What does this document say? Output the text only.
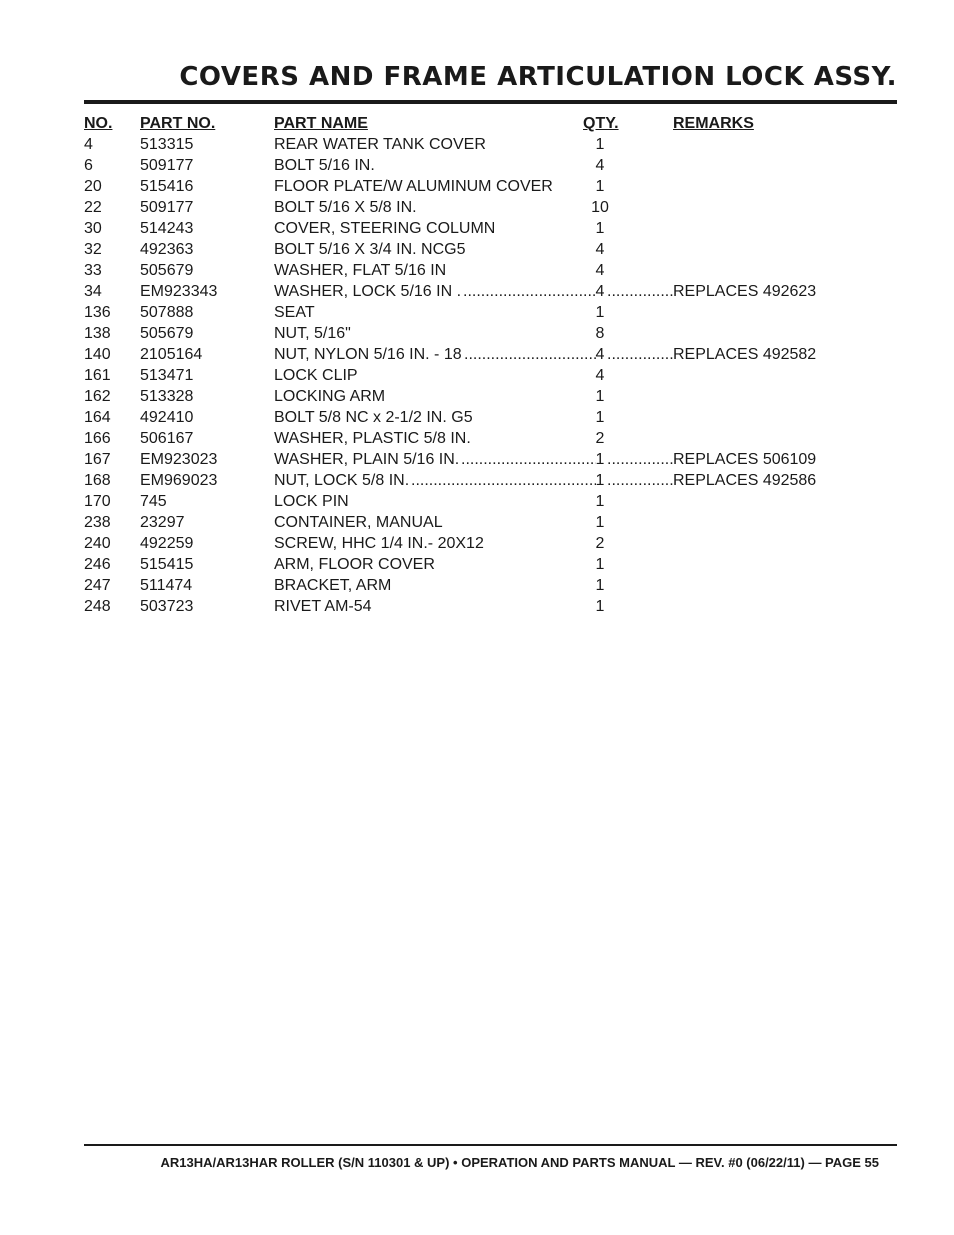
COVERS AND FRAME ARTICULATION LOCK ASSY.
NO. PART NO.	PART NAME	QTY.	REMARKS
4	513315	REAR WATER TANK COVER	1
6	509177	BOLT 5/16 IN.	4
20 515416	FLOOR PLATE/W ALUMINUM COVER	1
22 509177	BOLT 5/16 X 5/8 IN.	10
30 514243	COVER, STEERING COLUMN	1
32 492363	BOLT 5/16 X 3/4 IN. NCG5	4
33 505679	WASHER, FLAT 5/16 IN	4
34 EM923343	WASHER, LOCK 5/16 IN .	4	REPLACES 492623
.....
.....
136 507888	SEAT	1
138 505679	NUT, 5/16"	8
140 2105164	NUT, NYLON 5/16 IN. - 18	4	REPLACES 492582
.....
.....
161 513471	LOCK CLIP	4
162 513328	LOCKING ARM	1
164 492410	BOLT 5/8 NC x 2-1/2 IN. G5	1
166 506167	WASHER, PLASTIC 5/8 IN.	2
167 EM923023	WASHER, PLAIN 5/16 IN.	1	REPLACES 506109
.....
.....
168 EM969023	NUT, LOCK 5/8 IN.	1	REPLACES 492586
.....
.....
170 745	LOCK PIN	1
238 23297	CONTAINER, MANUAL	1
240 492259	SCREW, HHC 1/4 IN.- 20X12	2
246 515415	ARM, FLOOR COVER	1
247 511474	BRACKET, ARM	1
248 503723	RIVET AM-54	1
AR13HA/AR13HAR ROLLER (S/N 110301 & UP) • OPERATION AND PARTS MANUAL — REV. #0 (06/22/11) — PAGE 55
